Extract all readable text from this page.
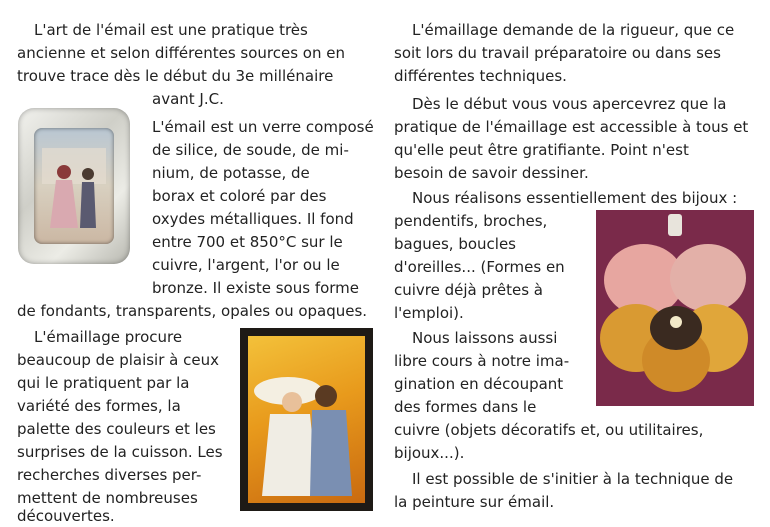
L'art de l'émail est une pratique très
ancienne et selon différentes sources on en
trouve trace dès le début du 3e millénaire
avant J.C.
L'émail est un verre composé
de silice, de soude, de mi-
nium, de potasse, de
borax et coloré par des
oxydes métalliques. Il fond
entre 700 et 850°C sur le
cuivre, l'argent, l'or ou le
bronze. Il existe sous forme
de fondants, transparents, opales ou opaques.
L'émaillage procure
beaucoup de plaisir à ceux
qui le pratiquent par la
variété des formes, la
palette des couleurs et les
surprises de la cuisson. Les
recherches diverses per-
mettent de nombreuses
découvertes.
L'émaillage demande de la rigueur, que ce
soit lors du travail préparatoire ou dans ses
différentes techniques.
Dès le début vous vous apercevrez que la
pratique de l'émaillage est accessible à tous et
qu'elle peut être gratifiante. Point n'est
besoin de savoir dessiner.
Nous réalisons essentiellement des bijoux :
pendentifs, broches,
bagues, boucles
d'oreilles... (Formes en
cuivre déjà prêtes à
l'emploi).
Nous laissons aussi
libre cours à notre ima-
gination en découpant
des formes dans le
cuivre (objets décoratifs et, ou utilitaires,
bijoux...).
Il est possible de s'initier à la technique de
la peinture sur émail.
